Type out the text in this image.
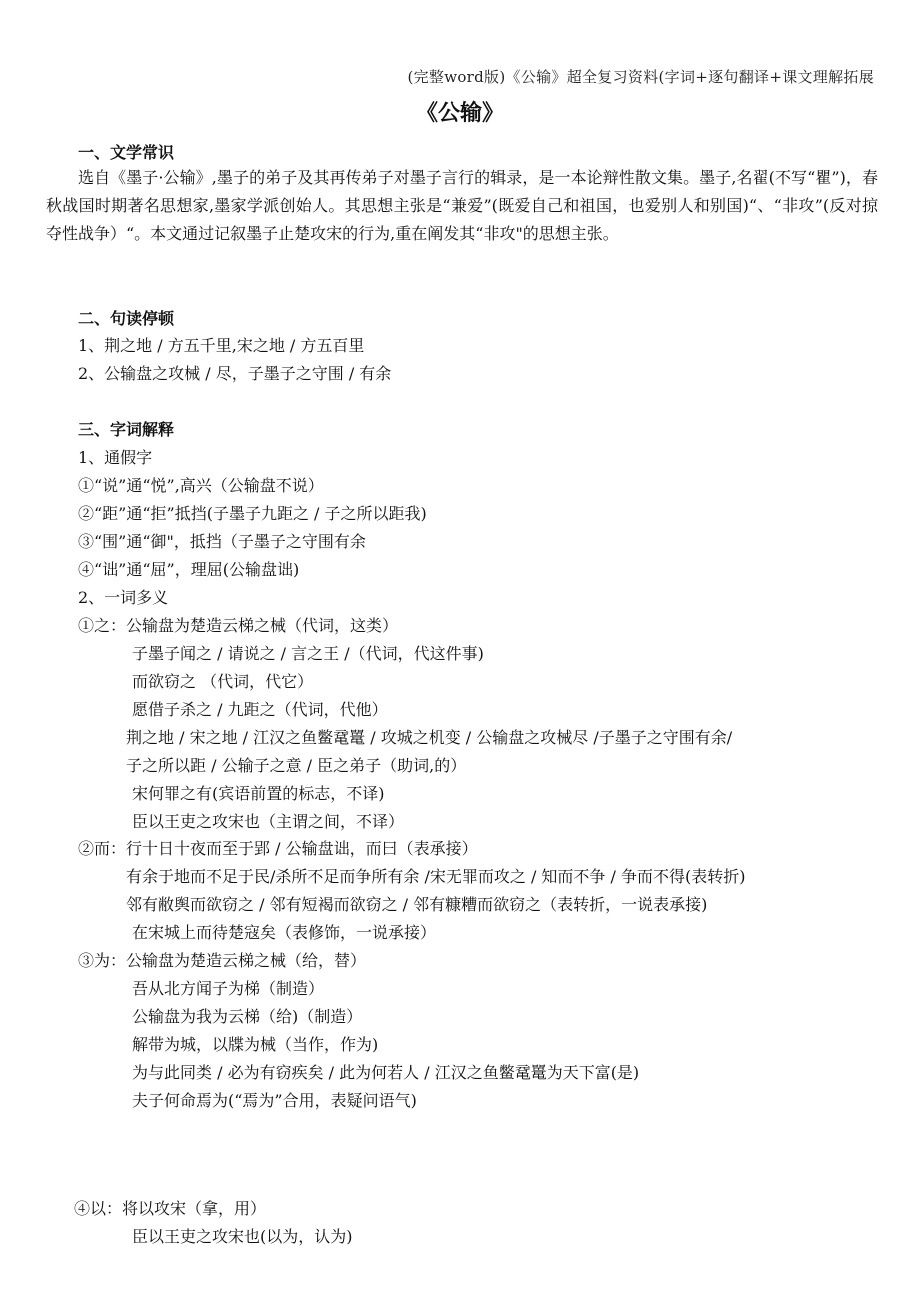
(完整word版)《公输》超全复习资料(字词+逐句翻译+课文理解拓展
《公输》
一、文学常识
选自《墨子·公输》,墨子的弟子及其再传弟子对墨子言行的辑录，是一本论辩性散文集。墨子,名翟(不写“瞿”)，春秋战国时期著名思想家,墨家学派创始人。其思想主张是“兼爱”(既爱自己和祖国，也爱别人和别国)“、“非攻”(反对掠夺性战争）“。本文通过记叙墨子止楚攻宋的行为,重在阐发其“非攻"的思想主张。
二、句读停顿
1、荆之地 / 方五千里,宋之地 / 方五百里
2、公输盘之攻械 / 尽，子墨子之守围 / 有余
三、字词解释
1、通假字
①“说”通“悦”,高兴（公输盘不说）
②“距”通“拒”抵挡(子墨子九距之 / 子之所以距我)
③“围”通“御"，抵挡（子墨子之守围有余
④“诎”通“屈”，理屈(公输盘诎)
2、一词多义
①之：公输盘为楚造云梯之械（代词，这类）
子墨子闻之 / 请说之 / 言之王 /（代词，代这件事)
而欲窃之 （代词，代它）
愿借子杀之 / 九距之（代词，代他）
荆之地 / 宋之地 / 江汉之鱼鳖鼋鼍 / 攻城之机变 / 公输盘之攻械尽 /子墨子之守围有余/
子之所以距 / 公输子之意 / 臣之弟子（助词,的）
宋何罪之有(宾语前置的标志，不译)
臣以王吏之攻宋也（主谓之间，不译）
②而：行十日十夜而至于郢 / 公输盘诎，而曰（表承接）
有余于地而不足于民/杀所不足而争所有余 /宋无罪而攻之 / 知而不争 / 争而不得(表转折)
邻有敝舆而欲窃之 / 邻有短褐而欲窃之 / 邻有糠糟而欲窃之（表转折，一说表承接)
在宋城上而待楚寇矣（表修饰，一说承接）
③为：公输盘为楚造云梯之械（给，替）
吾从北方闻子为梯（制造）
公输盘为我为云梯（给)（制造）
解带为城，以牒为械（当作，作为)
为与此同类 / 必为有窃疾矣 / 此为何若人 / 江汉之鱼鳖鼋鼍为天下富(是)
夫子何命焉为(“焉为”合用，表疑问语气)
④以：将以攻宋（拿，用）
臣以王吏之攻宋也(以为，认为)
